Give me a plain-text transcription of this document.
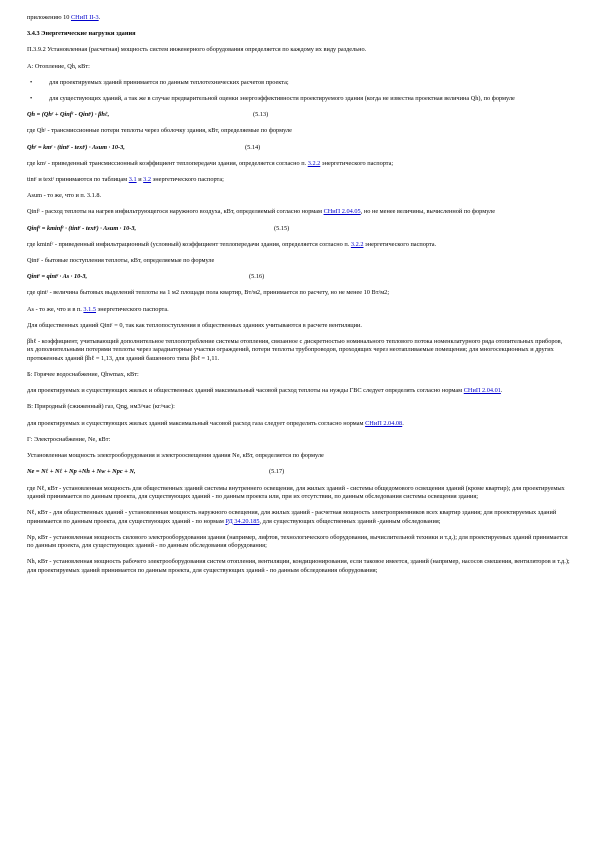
приложению 10 СНиП II-3.

3.4.3 Энергетические нагрузки здания

П.3.9.2 Установленная (расчетная) мощность систем инженерного оборудования определяется по каждому их виду раздельно.

А: Отопление, Qh, кВт:

•	для проектируемых зданий принимается по данным теплотехнических расчетов проекта;

•	для существующих зданий, а так же в случае предварительной оценки энергоэффективности проектируемого здания (когда не известна проектная величина Qh), по формуле

Qh = (Qhʳ + Qinfʳ - Qintʳ) · βhℓ,	(5.13)

где Qhʳ - трансмиссионные потери теплоты через оболочку здания, кВт, определяемые по формуле

Qhʳ = kmʳ · (tintʳ - textʳ) · Asum · 10-3,	(5.14)

где kmʳ - приведенный трансмиссионный коэффициент теплопередачи здания, определяется согласно п. 3.2.2 энергетического паспорта;

tintʳ и textʳ принимаются по таблицам 3.1 и 3.2 энергетического паспорта;

Asum - то же, что и п. 3.1.8.

Qinfʳ - расход теплоты на нагрев инфильтрующегося наружного воздуха, кВт, определяемый согласно нормам СНиП 2.04.05, но не менее величины, вычисленной по формуле

Qinfʳ = kminfʳ · (tintʳ - textʳ) · Asum · 10-3,	(5.15)

где kminfʳ - приведенный инфильтрационный (условный) коэффициент теплопередачи здания, определяется согласно п. 3.2.2 энергетического паспорта.

Qintʳ - бытовые поступления теплоты, кВт, определяемые по формуле

Qintʳ = qintʳ · As · 10-3,	(5.16)

где qintʳ - величина бытовых выделений теплоты на 1 м2 площади пола квартир, Вт/м2, принимается по расчету, но не менее 10 Вт/м2;

As - то же, что и в п. 3.1.5 энергетического паспорта.

Для общественных зданий Qintʳ = 0, так как теплопоступления в общественных зданиях учитываются в расчете вентиляции.

βhℓ - коэффициент, учитывающий дополнительное теплопотребление системы отопления, связанное с дискретностью номинального теплового потока номенклатурного ряда отопительных приборов, их дополнительными потерями теплоты через зарадиаторные участки ограждений, потери теплоты трубопроводов, проходящих через неотапливаемые помещения; для многосекционных и других протяженных зданий βhℓ = 1,13, для зданий башенного типа βhℓ = 1,11.

Б: Горячее водоснабжение, Qhwmax, кВт:

для проектируемых и существующих жилых и общественных зданий максимальный часовой расход теплоты на нужды ГВС следует определять согласно нормам СНиП 2.04.01.

В: Природный (сжиженный) газ, Qng, нм3/час (кг/час):

для проектируемых и существующих жилых зданий максимальный часовой расход газа следует определять согласно нормам СНиП 2.04.08.

Г: Электроснабжение, Ne, кВт:

Установленная мощность электрооборудования и электроосвещения здания Ne, кВт, определяется по формуле

Ne = Nℓ + Nℓ + Np +Nh + Nw + Npc + N,	(5.17)

где Nℓ, кВт - установленная мощность для общественных зданий системы внутреннего освещения, для жилых зданий - системы общедомового освещения зданий (кроме квартир); для проектируемых зданий принимается по данным проекта, для существующих зданий - по данным проекта или, при их отсутствии, по данным обследования системы освещения здания;

Nℓ, кВт - для общественных зданий - установленная мощность наружного освещения, для жилых зданий - расчетная мощность электроприемников всех квартир здания; для проектируемых зданий принимается по данным проекта, для существующих зданий - по нормам РД 34.20.185, для существующих общественных зданий -данным обследования;

Np, кВт - установленная мощность силового электрооборудования здания (например, лифтов, технологического оборудования, вычислительной техники и т.д.); для проектируемых зданий принимается по данным проекта, для существующих зданий - по данным обследования оборудования;

Nh, кВт - установленная мощность рабочего электрооборудования систем отопления, вентиляции, кондиционирования, если таковое имеется, зданий (например, насосов смешения, вентиляторов и т.д.); для проектируемых зданий принимается по данным проекта, для существующих зданий - по данным обследования оборудования;
